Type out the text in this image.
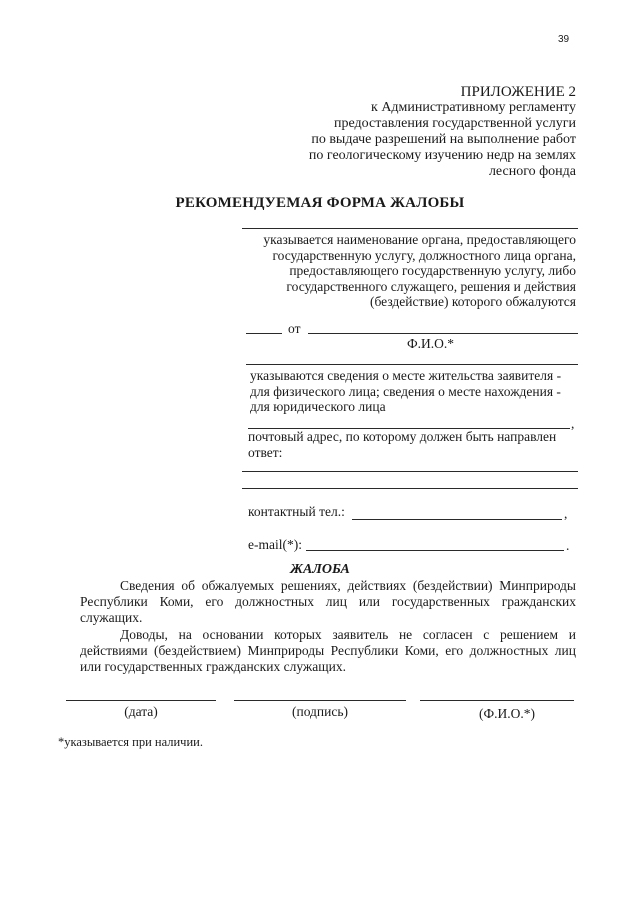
39
ПРИЛОЖЕНИЕ 2
к Административному регламенту
предоставления государственной услуги
по выдаче разрешений на выполнение работ
по геологическому изучению недр на землях
лесного фонда
РЕКОМЕНДУЕМАЯ ФОРМА ЖАЛОБЫ
указывается наименование органа, предоставляющего
государственную услугу, должностного лица органа,
предоставляющего государственную услугу, либо
государственного служащего, решения и действия
(бездействие) которого обжалуются
от
Ф.И.О.*
указываются сведения о месте жительства заявителя -
для физического лица; сведения о месте нахождения -
для юридического лица
,
почтовый адрес, по которому должен быть направлен
ответ:
контактный тел.:	,
e-mail(*):	.
ЖАЛОБА
Сведения об обжалуемых решениях, действиях (бездействии) Минприроды Республики Коми, его должностных лиц или государственных гражданских служащих.
Доводы, на основании которых заявитель не согласен с решением и действиями (бездействием) Минприроды Республики Коми, его должностных лиц или государственных гражданских служащих.
(дата)	(подпись)	(Ф.И.О.*)
*указывается при наличии.
